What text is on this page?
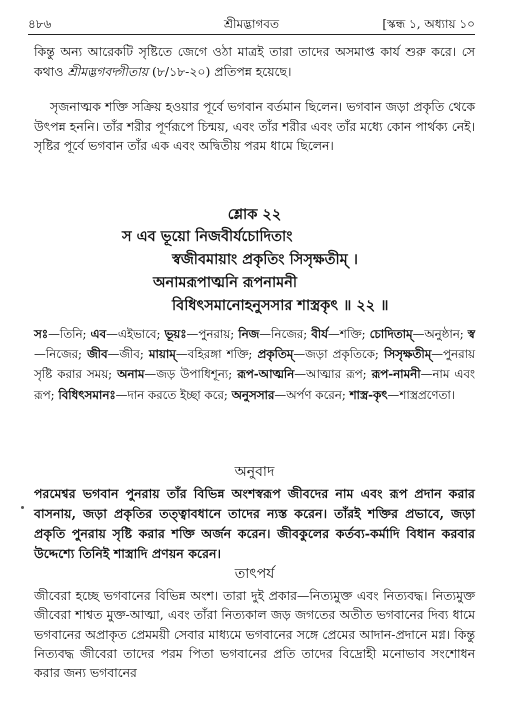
৪৮৬	শ্রীমদ্ভাগবত	[স্কন্ধ ১, অধ্যায় ১০
কিন্তু অন্য আরেকটি সৃষ্টিতে জেগে ওঠা মাত্রই তারা তাদের অসমাপ্ত কার্য শুরু করে। সে কথাও শ্রীমদ্ভগবদ্গীতায় (৮/১৮-২০) প্রতিপন্ন হয়েছে।
সৃজনাত্মক শক্তি সক্রিয় হওয়ার পূর্বে ভগবান বর্তমান ছিলেন। ভগবান জড়া প্রকৃতি থেকে উৎপন্ন হননি। তাঁর শরীর পূর্ণরূপে চিন্ময়, এবং তাঁর শরীর এবং তাঁর মধ্যে কোন পার্থক্য নেই। সৃষ্টির পূর্বে ভগবান তাঁর এক এবং অদ্বিতীয় পরম ধামে ছিলেন।
শ্লোক ২২
স এব ভূয়ো নিজবীর্যচোদিতাং
স্বজীবমায়াং প্রকৃতিং সিসৃক্ষতীম্ ।
অনামরূপাত্মনি রূপনামনী
বিধিৎসমানোহনুসসার শাস্ত্রকৃৎ ॥ ২২ ॥
সঃ—তিনি; এব—এইভাবে; ভূয়ঃ—পুনরায়; নিজ—নিজের; বীর্য—শক্তি; চোদিতাম্—অনুষ্ঠান; স্ব—নিজের; জীব—জীব; মায়াম্—বহিরঙ্গা শক্তি; প্রকৃতিম্—জড়া প্রকৃতিকে; সিসৃক্ষতীম্—পুনরায় সৃষ্টি করার সময়; অনাম—জড় উপাধিশূন্য; রূপ-আত্মনি—আত্মার রূপ; রূপ-নামনী—নাম এবং রূপ; বিধিৎসমানঃ—দান করতে ইচ্ছা করে; অনুসসার—অর্পণ করেন; শাস্ত্র-কৃৎ—শাস্ত্রপ্রণেতা।
অনুবাদ
পরমেশ্বর ভগবান পুনরায় তাঁর বিভিন্ন অংশস্বরূপ জীবদের নাম এবং রূপ প্রদান করার বাসনায়, জড়া প্রকৃতির তত্ত্বাবধানে তাদের ন্যস্ত করেন। তাঁরই শক্তির প্রভাবে, জড়া প্রকৃতি পুনরায় সৃষ্টি করার শক্তি অর্জন করেন। জীবকুলের কর্তব্য-কর্মাদি বিধান করবার উদ্দেশ্যে তিনিই শাস্ত্রাদি প্রণয়ন করেন।
তাৎপর্য
জীবেরা হচ্ছে ভগবানের বিভিন্ন অংশ। তারা দুই প্রকার—নিত্যমুক্ত এবং নিত্যবদ্ধ। নিত্যমুক্ত জীবেরা শাশ্বত মুক্ত-আত্মা, এবং তাঁরা নিত্যকাল জড় জগতের অতীত ভগবানের দিব্য ধামে ভগবানের অপ্রাকৃত প্রেমময়ী সেবার মাধ্যমে ভগবানের সঙ্গে প্রেমের আদান-প্রদানে মগ্ন। কিন্তু নিত্যবদ্ধ জীবেরা তাদের পরম পিতা ভগবানের প্রতি তাদের বিদ্রোহী মনোভাব সংশোধন করার জন্য ভগবানের
